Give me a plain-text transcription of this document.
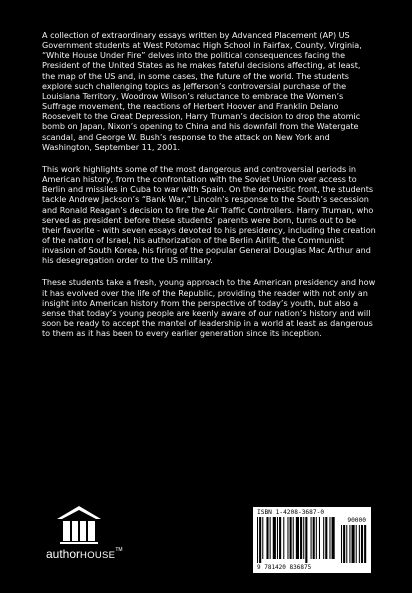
A collection of extraordinary essays written by Advanced Placement (AP) US Government students at West Potomac High School in Fairfax, County, Virginia, “White House Under Fire” delves into the political consequences facing the President of the United States as he makes fateful decisions affecting, at least, the map of the US and, in some cases, the future of the world. The students explore such challenging topics as Jefferson’s controversial purchase of the Louisiana Territory, Woodrow Wilson’s reluctance to embrace the Women’s Suffrage movement, the reactions of Herbert Hoover and Franklin Delano Roosevelt to the Great Depression, Harry Truman’s decision to drop the atomic bomb on Japan, Nixon’s opening to China and his downfall from the Watergate scandal, and George W. Bush’s response to the attack on New York and Washington, September 11, 2001.

This work highlights some of the most dangerous and controversial periods in American history, from the confrontation with the Soviet Union over access to Berlin and missiles in Cuba to war with Spain. On the domestic front, the students tackle Andrew Jackson’s “Bank War,” Lincoln’s response to the South’s secession and Ronald Reagan’s decision to fire the Air Traffic Controllers. Harry Truman, who served as president before these students’ parents were born, turns out to be their favorite - with seven essays devoted to his presidency, including the creation of the nation of Israel, his authorization of the Berlin Airlift, the Communist invasion of South Korea, his firing of the popular General Douglas Mac Arthur and his desegregation order to the US military.

These students take a fresh, young approach to the American presidency and how it has evolved over the life of the Republic, providing the reader with not only an insight into American history from the perspective of today’s youth, but also a sense that today’s young people are keenly aware of our nation’s history and will soon be ready to accept the mantel of leadership in a world at least as dangerous to them as it has been to every earlier generation since its inception.

authorHOUSE™
ISBN 1-4208-3687-0
90000
9 781420 836875
